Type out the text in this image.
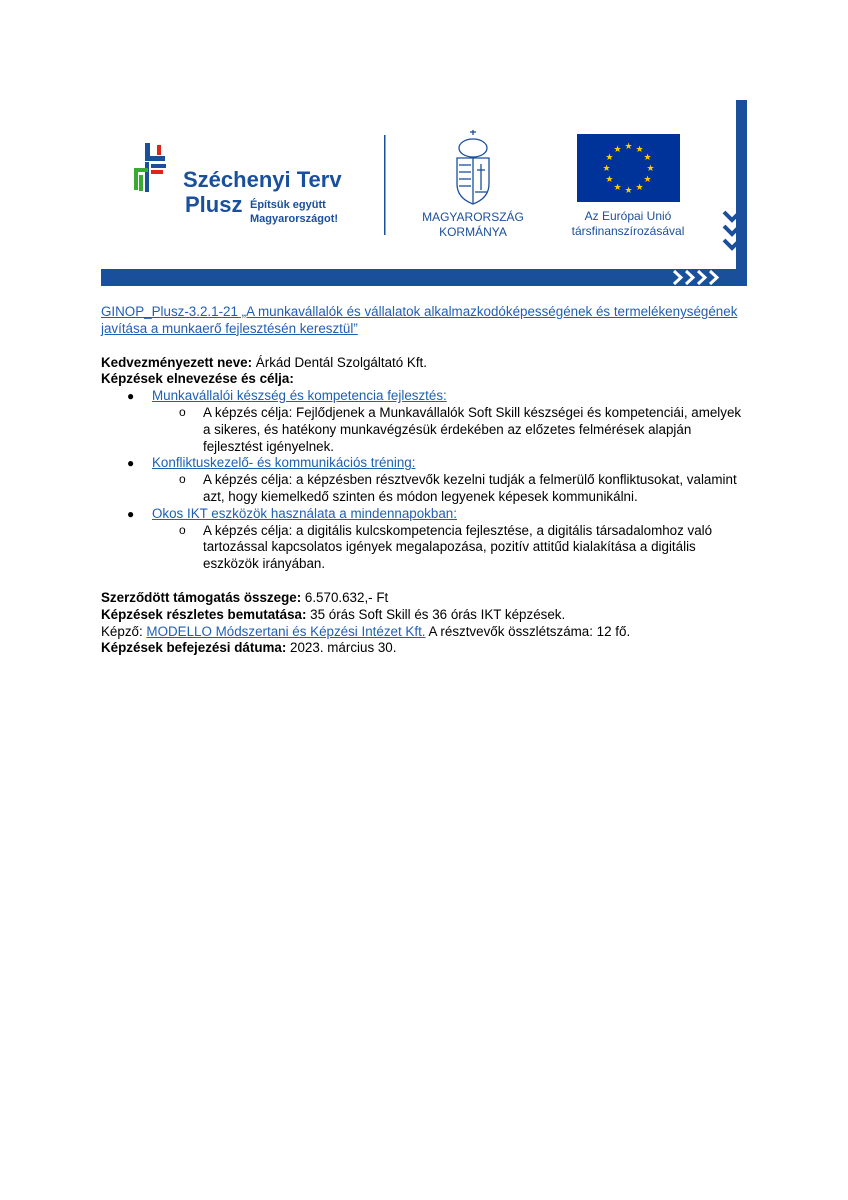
Széchenyi Terv
Plusz Építsük együtt
Magyarországot!	MAGYARORSZÁG
KORMÁNYA
★ ★
★
★
★
★
★
★
★
★
★
★
Az Európai Unió
társfinanszírozásával

GINOP_Plusz-3.2.1-21 „A munkavállalók és vállalatok alkalmazkodóképességének és termelékenységének javítása a munkaerő fejlesztésén keresztül”

Kedvezményezett neve: Árkád Dentál Szolgáltató Kft.

Képzések elnevezése és célja:

● Munkavállalói készség és kompetencia fejlesztés:
o A képzés célja: Fejlődjenek a Munkavállalók Soft Skill készségei és kompetenciái, amelyek a sikeres, és hatékony munkavégzésük érdekében az előzetes felmérések alapján fejlesztést igényelnek.
● Konfliktuskezelő- és kommunikációs tréning:
o A képzés célja: a képzésben résztvevők kezelni tudják a felmerülő konfliktusokat, valamint azt, hogy kiemelkedő szinten és módon legyenek képesek kommunikálni.
● Okos IKT eszközök használata a mindennapokban:
o A képzés célja: a digitális kulcskompetencia fejlesztése, a digitális társadalomhoz való tartozással kapcsolatos igények megalapozása, pozitív attitűd kialakítása a digitális eszközök irányában.

Szerződött támogatás összege: 6.570.632,- Ft

Képzések részletes bemutatása: 35 órás Soft Skill és 36 órás IKT képzések.

Képző: MODELLO Módszertani és Képzési Intézet Kft. A résztvevők összlétszáma: 12 fő.

Képzések befejezési dátuma: 2023. március 30.
